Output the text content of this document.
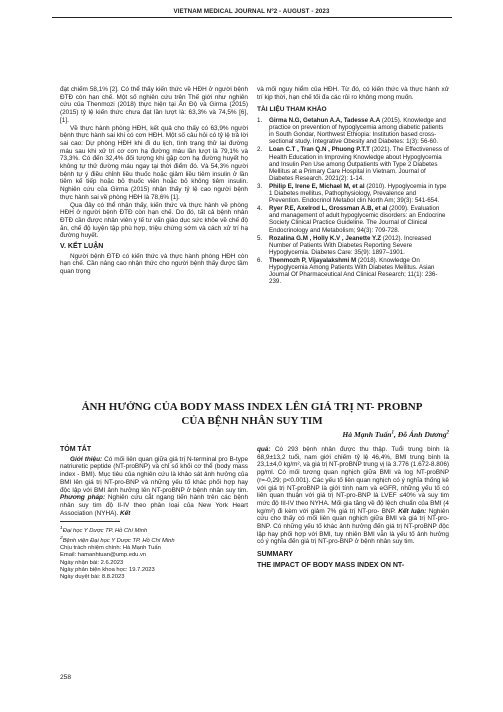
VIETNAM MEDICAL JOURNAL Nº2 - AUGUST - 2023

đạt chiếm 58,1% [2]. Có thể thấy kiến thức về HĐH ở người bệnh ĐTĐ còn hạn chế. Một số nghiên cứu trên Thế giới như nghiên cứu của Thenmozi (2018) thực hiện tại Ấn Độ và Girma (2015) (2015) tỷ lệ kiến thức chưa đạt lần lượt là: 63,3% và 74,5% [6], [1].

Về thực hành phòng HĐH, kết quả cho thấy có 63,9% người bệnh thực hành sai khi có cơn HĐH. Một số câu hỏi có tỷ lệ trả lời sai cao: Dự phòng HĐH khi đi du lịch, tình trạng thử lại đường máu sau khi xử trí cơ cơn hạ đường máu lần lượt là 79,1% và 73,3%. Có đến 32,4% đối tượng khi gặp cơn hạ đường huyết họ không tự thử đường máu ngay tại thời điểm đó. Và 54,3% người bệnh tự ý điều chỉnh liều thuốc hoặc giảm liều tiêm insulin ở lần tiêm kế tiếp hoặc bỏ thuốc viên hoặc bỏ không tiêm insulin. Nghiên cứu của Girma (2015) nhận thấy tỷ lệ cao người bệnh thực hành sai về phòng HĐH là 78,6% [1].

Qua đây có thể nhận thấy, kiến thức và thực hành về phòng HĐH ở người bệnh ĐTĐ còn hạn chế. Do đó, tất cả bệnh nhân ĐTĐ cần được nhân viên y tế tư vấn giáo dục sức khỏe về chế độ ăn, chế độ luyện tập phù hợp, triệu chứng sớm và cách xử trí hạ đường huyết.

V. KẾT LUẬN

Người bệnh ĐTĐ có kiến thức và thực hành phòng HĐH còn hạn chế. Cần nâng cao nhận thức cho người bệnh thấy được tầm quan trọng

và mối nguy hiểm của HĐH. Từ đó, có kiến thức và thực hành xử trí kịp thời, hạn chế tối đa các rủi ro không mong muốn.

TÀI LIỆU THAM KHẢO
1.	Girma N.G, Getahun A.A, Tadesse A.A (2015). Knowledge and practice on prevention of hypoglycemia among diabetic patients in South Gondar, Northwest Ethiopia: Institution based cross-sectional study. Integrative Obesity and Diabetes: 1(3): 56-60.
2.	Loan C.T , Tran Q.N , Phuong P.T.T (2021). The Effectiveness of Health Education in Improving Knowledge about Hypoglycemia and Insulin Pen Use among Outpatients with Type 2 Diabetes Mellitus at a Primary Care Hospital in Vietnam. Journal of Diabetes Research. 2021(2): 1-14.
3.	Philip E, Irene E, Michael M, et al (2010). Hypoglycemia in type 1 Diabetes mellitus, Pathophysiology, Prevalence and Prevention. Endocrinol Metabol clin North Am; 39(3): 541-654.
4.	Ryer P.E, Axelrod L, Grossman A.B, et al (2009). Evaluation and management of adult hypoglycemic disorders: an Endocrine Society Clinical Practice Guideline. The Journal of Clinical Endocrinology and Metabolism; 94(3): 709-728.
5.	Rozalina G.M , Holly K.V , Jeanette Y.Z (2012). Increased Number of Patients With Diabetes Reporting Severe Hypoglycemia. Diabetes Care: 35(9): 1897–1901.
6.	Thenmozh P, Vijayalakshmi M (2018). Knowledge On Hypoglycemia Among Patients With Diabetes Mellitus. Asian Journal Of Pharmaceutical And Clinical Research; 11(1): 236-239.
ẢNH HƯỞNG CỦA BODY MASS INDEX LÊN GIÁ TRỊ NT- PROBNP
CỦA BỆNH NHÂN SUY TIM
Hà Mạnh Tuấn$^1$, Đỗ Ánh Dương$^2$
TÓM TẮT

Giới thiệu: Có mối liên quan giữa giá trị N-terminal pro B-type natriuretic peptide (NT-proBNP) và chỉ số khối cơ thể (body mass index - BMI). Mục tiêu của nghiên cứu là khảo sát ảnh hưởng của BMI lên giá trị NT-pro-BNP và những yếu tố khác phối hợp hay độc lập với BMI ảnh hưởng lên NT-proBNP ở bệnh nhân suy tim. Phương pháp: Nghiên cứu cắt ngang tiến hành trên các bệnh nhân suy tim độ II-IV theo phân loại của New York Heart Association (NYHA). Kết

$^1$Đại học Y Dược TP. Hồ Chí Minh
$^2$Bệnh viện Đại học Y Dược TP. Hồ Chí Minh
Chịu trách nhiệm chính: Hà Mạnh Tuấn
Email: hamanhtuan@ump.edu.vn
Ngày nhận bài: 2.6.2023
Ngày phản biện khoa học: 19.7.2023
Ngày duyệt bài: 8.8.2023

quả: Có 293 bệnh nhân được thu thập. Tuổi trung bình là 68,9±13,2 tuổi, nam giới chiếm tỷ lệ 46,4%, BMI trung bình là 23,1±4,0 kg/m², và giá trị NT-proBNP trung vị là 3.776 (1.672-8.806) pg/ml. Có mối tương quan nghịch giữa BMI và log NT-proBNP (r=-0,29; p<0.001). Các yếu tố liên quan nghịch có ý nghĩa thống kê với giá trị NT-proBNP là giới tính nam và eGFR, những yếu tố có liên quan thuận với giá trị NT-pro-BNP là LVEF ≤40% và suy tim mức độ III-IV theo NYHA. Mối gia tăng về độ lệch chuẩn của BMI (4 kg/m²) đi kèm với giảm 7% giá trị NT-pro- BNP. Kết luận: Nghiên cứu cho thấy có mối liên quan nghịch giữa BMI và giá trị NT-pro-BNP. Có những yếu tố khác ảnh hưởng đến giá trị NT-proBNP độc lập hay phối hợp với BMI, tuy nhiên BMI vẫn là yếu tố ảnh hưởng có ý nghĩa đến giá trị NT-pro-BNP ở bệnh nhân suy tim.

SUMMARY
THE IMPACT OF BODY MASS INDEX ON NT-
258
